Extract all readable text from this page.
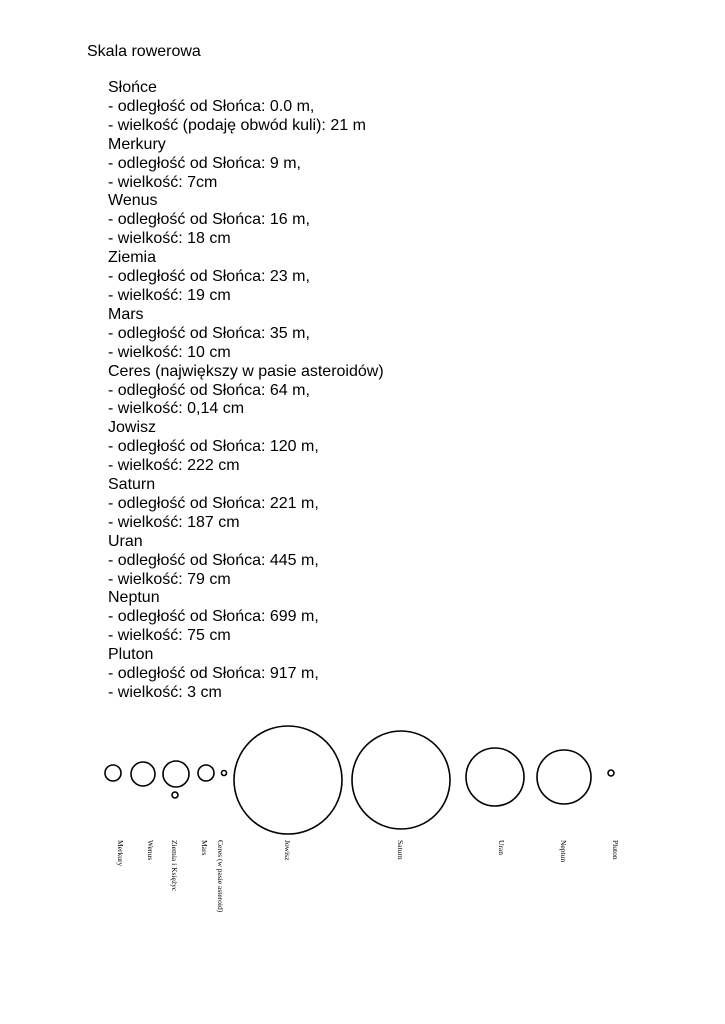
Skala rowerowa
Słońce
- odległość od Słońca: 0.0 m,
- wielkość (podaję obwód kuli): 21 m
Merkury
- odległość od Słońca: 9 m,
- wielkość: 7cm
Wenus
- odległość od Słońca: 16 m,
- wielkość: 18 cm
Ziemia
- odległość od Słońca: 23 m,
- wielkość: 19 cm
Mars
- odległość od Słońca: 35 m,
- wielkość: 10 cm
Ceres (największy w pasie asteroidów)
- odległość od Słońca: 64 m,
- wielkość: 0,14 cm
Jowisz
- odległość od Słońca: 120 m,
- wielkość: 222 cm
Saturn
- odległość od Słońca: 221 m,
- wielkość: 187 cm
Uran
- odległość od Słońca: 445 m,
- wielkość: 79 cm
Neptun
- odległość od Słońca: 699 m,
- wielkość: 75 cm
Pluton
- odległość od Słońca: 917 m,
- wielkość: 3 cm
Merkury	Wenus Ziemia i Księżyc	Mars Ceres (w pasie asteroid)	Jowisz	Saturn	Uran	Neptun	Pluton
